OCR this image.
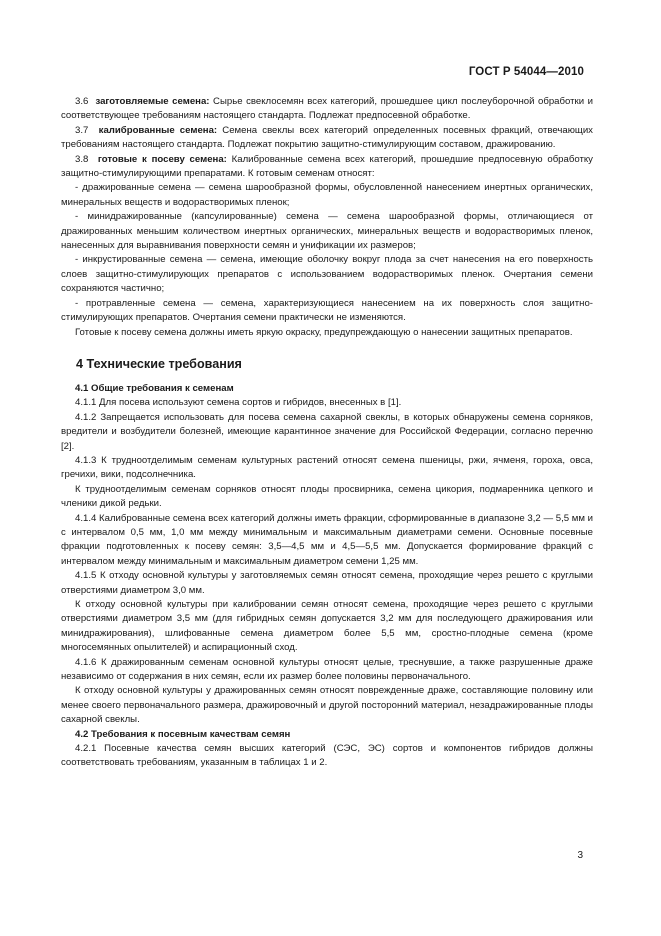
ГОСТ Р 54044—2010

3.6 заготовляемые семена: Сырье свеклосемян всех категорий, прошедшее цикл послеуборочной обработки и соответствующее требованиям настоящего стандарта. Подлежат предпосевной обработке.

3.7 калиброванные семена: Семена свеклы всех категорий определенных посевных фракций, отвечающих требованиям настоящего стандарта. Подлежат покрытию защитно-стимулирующим составом, дражированию.

3.8 готовые к посеву семена: Калиброванные семена всех категорий, прошедшие предпосевную обработку защитно-стимулирующими препаратами. К готовым семенам относят:

- дражированные семена — семена шарообразной формы, обусловленной нанесением инертных органических, минеральных веществ и водорастворимых пленок;

- минидражированные (капсулированные) семена — семена шарообразной формы, отличающиеся от дражированных меньшим количеством инертных органических, минеральных веществ и водорастворимых пленок, нанесенных для выравнивания поверхности семян и унификации их размеров;

- инкрустированные семена — семена, имеющие оболочку вокруг плода за счет нанесения на его поверхность слоев защитно-стимулирующих препаратов с использованием водорастворимых пленок. Очертания семени сохраняются частично;

- протравленные семена — семена, характеризующиеся нанесением на их поверхность слоя защитно-стимулирующих препаратов. Очертания семени практически не изменяются.

Готовые к посеву семена должны иметь яркую окраску, предупреждающую о нанесении защитных препаратов.

4 Технические требования

4.1 Общие требования к семенам

4.1.1 Для посева используют семена сортов и гибридов, внесенных в [1].

4.1.2 Запрещается использовать для посева семена сахарной свеклы, в которых обнаружены семена сорняков, вредители и возбудители болезней, имеющие карантинное значение для Российской Федерации, согласно перечню [2].

4.1.3 К трудноотделимым семенам культурных растений относят семена пшеницы, ржи, ячменя, гороха, овса, гречихи, вики, подсолнечника.

К трудноотделимым семенам сорняков относят плоды просвирника, семена цикория, подмаренника цепкого и членики дикой редьки.

4.1.4 Калиброванные семена всех категорий должны иметь фракции, сформированные в диапазоне 3,2 — 5,5 мм и с интервалом 0,5 мм, 1,0 мм между минимальным и максимальным диаметрами семени. Основные посевные фракции подготовленных к посеву семян: 3,5—4,5 мм и 4,5—5,5 мм. Допускается формирование фракций с интервалом между минимальным и максимальным диаметром семени 1,25 мм.

4.1.5 К отходу основной культуры у заготовляемых семян относят семена, проходящие через решето с круглыми отверстиями диаметром 3,0 мм.

К отходу основной культуры при калибровании семян относят семена, проходящие через решето с круглыми отверстиями диаметром 3,5 мм (для гибридных семян допускается 3,2 мм для последующего дражирования или минидражирования), шлифованные семена диаметром более 5,5 мм, сростно-плодные семена (кроме многосемянных опылителей) и аспирационный сход.

4.1.6 К дражированным семенам основной культуры относят целые, треснувшие, а также разрушенные драже независимо от содержания в них семян, если их размер более половины первоначального.

К отходу основной культуры у дражированных семян относят поврежденные драже, составляющие половину или менее своего первоначального размера, дражировочный и другой посторонний материал, незадражированные плоды сахарной свеклы.

4.2 Требования к посевным качествам семян

4.2.1 Посевные качества семян высших категорий (СЭС, ЭС) сортов и компонентов гибридов должны соответствовать требованиям, указанным в таблицах 1 и 2.

3
